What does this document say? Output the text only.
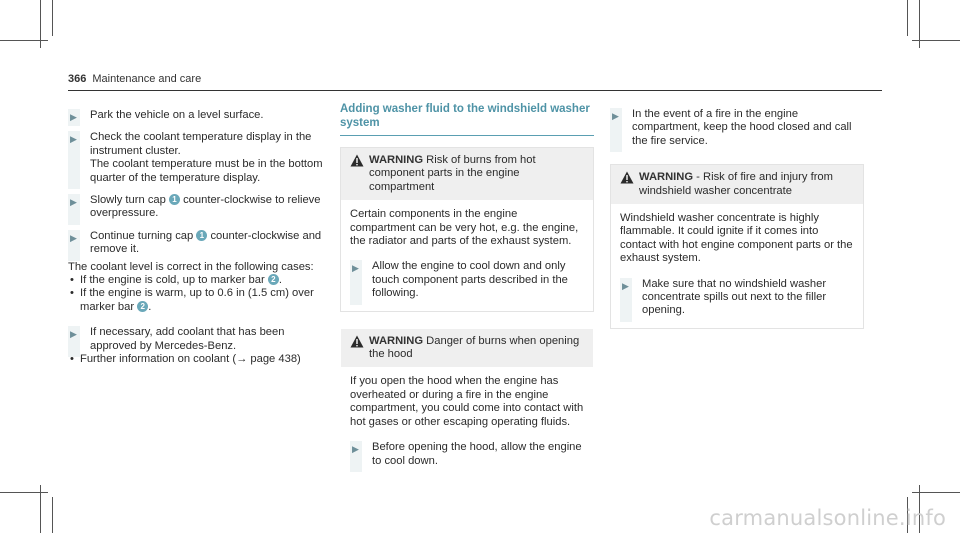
366 Maintenance and care
▶ Park the vehicle on a level surface.
▶ Check the coolant temperature display in the instrument cluster.
The coolant temperature must be in the bottom quarter of the temperature display.
▶ Slowly turn cap 1 counter-clockwise to relieve overpressure.
▶ Continue turning cap 1 counter-clockwise and remove it.
The coolant level is correct in the following cases:
• If the engine is cold, up to marker bar 2 .
• If the engine is warm, up to 0.6 in (1.5 cm) over marker bar 2 .
▶ If necessary, add coolant that has been approved by Mercedes-Benz.
• Further information on coolant (→ page 438)
Adding washer fluid to the windshield washer system
WARNING Risk of burns from hot component parts in the engine compartment
Certain components in the engine compartment can be very hot, e.g. the engine, the radiator and parts of the exhaust system.
▶ Allow the engine to cool down and only touch component parts described in the following.
WARNING Danger of burns when opening the hood
If you open the hood when the engine has overheated or during a fire in the engine compartment, you could come into contact with hot gases or other escaping operating fluids.
▶ Before opening the hood, allow the engine to cool down.
▶ In the event of a fire in the engine compartment, keep the hood closed and call the fire service.
WARNING - Risk of fire and injury from windshield washer concentrate
Windshield washer concentrate is highly flammable. It could ignite if it comes into contact with hot engine component parts or the exhaust system.
▶ Make sure that no windshield washer concentrate spills out next to the filler opening.
carmanualsonline.info
